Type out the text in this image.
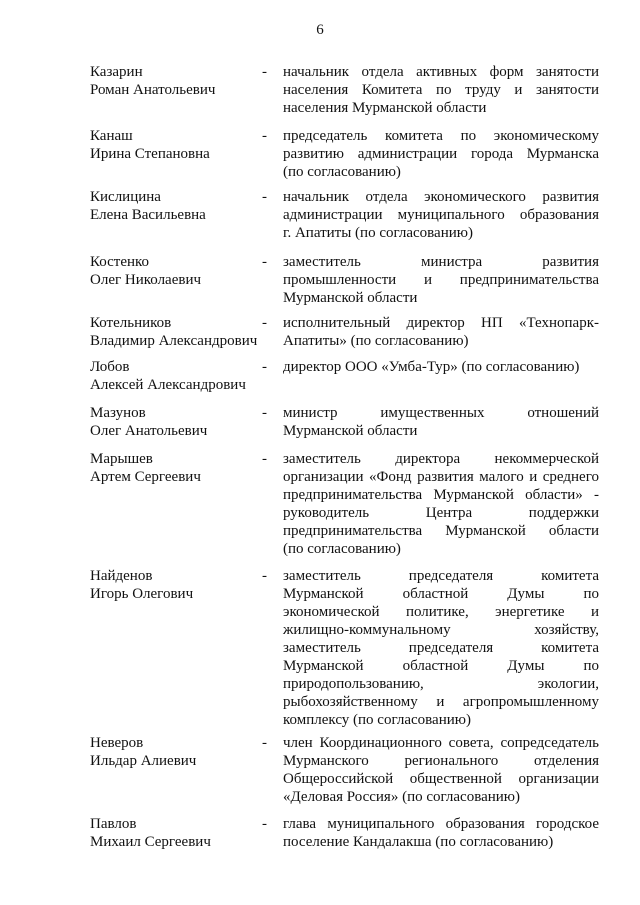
6
Казарин
Роман Анатольевич
- начальник отдела активных форм занятости
населения Комитета по труду и занятости
населения Мурманской области
Канаш
Ирина Степановна
- председатель комитета по экономическому
развитию администрации города Мурманска
(по согласованию)
Кислицина
Елена Васильевна
- начальник отдела экономического развития
администрации муниципального образования
г. Апатиты (по согласованию)
Костенко
Олег Николаевич
- заместитель министра развития
промышленности и предпринимательства
Мурманской области
Котельников
Владимир Александрович
- исполнительный директор НП «Технопарк-
Апатиты» (по согласованию)
Лобов
Алексей Александрович
- директор ООО «Умба-Тур» (по согласованию)
Мазунов
Олег Анатольевич
- министр имущественных отношений
Мурманской области
Марышев
Артем Сергеевич
- заместитель директора некоммерческой
организации «Фонд развития малого и среднего
предпринимательства Мурманской области» -
руководитель Центра поддержки
предпринимательства Мурманской области
(по согласованию)
Найденов
Игорь Олегович
- заместитель председателя комитета
Мурманской областной Думы по
экономической политике, энергетике и
жилищно-коммунальному хозяйству,
заместитель председателя комитета
Мурманской областной Думы по
природопользованию, экологии,
рыбохозяйственному и агропромышленному
комплексу (по согласованию)
Неверов
Ильдар Алиевич
- член Координационного совета, сопредседатель
Мурманского регионального отделения
Общероссийской общественной организации
«Деловая Россия» (по согласованию)
Павлов
Михаил Сергеевич
- глава муниципального образования городское
поселение Кандалакша (по согласованию)
